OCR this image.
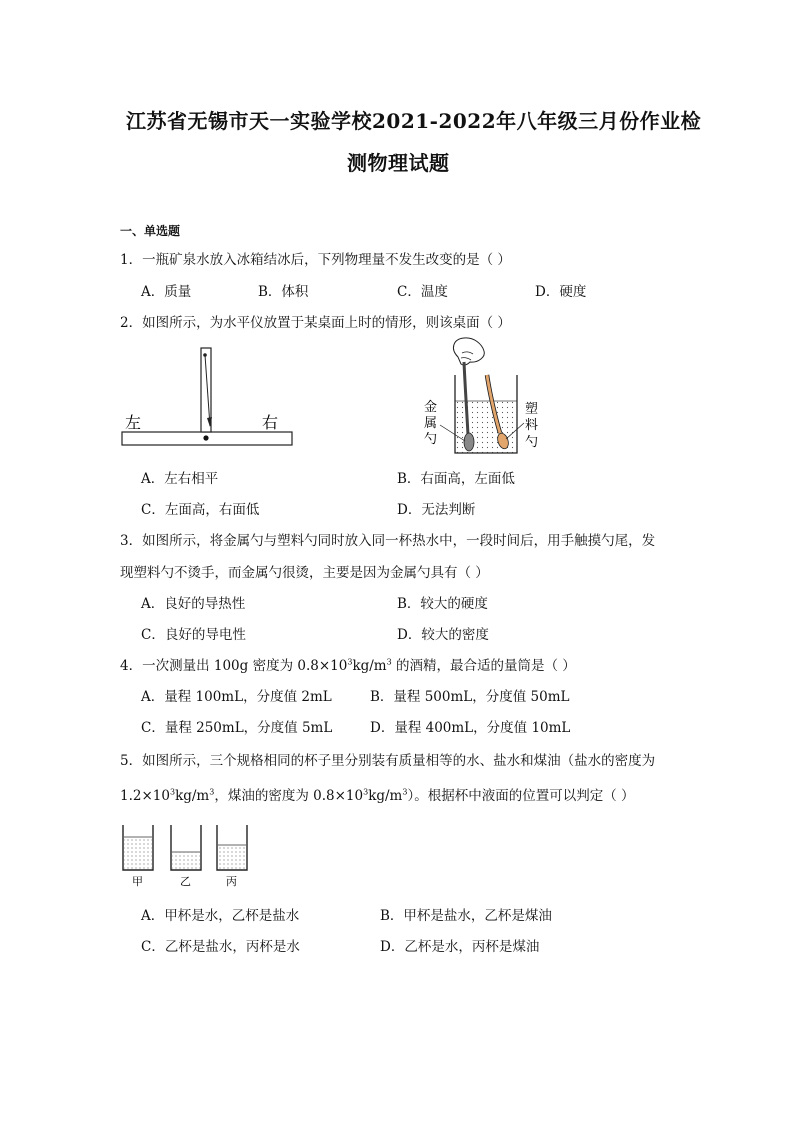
江苏省无锡市天一实验学校2021-2022年八年级三月份作业检
测物理试题
一、单选题
1．一瓶矿泉水放入冰箱结冰后，下列物理量不发生改变的是（ ）
A．质量	B．体积	C．温度	D．硬度
2．如图所示，为水平仪放置于某桌面上时的情形，则该桌面（ ）
左	右
金
属
勺
塑
料
勺
A．左右相平	B．右面高，左面低
C．左面高，右面低	D．无法判断
3．如图所示，将金属勺与塑料勺同时放入同一杯热水中，一段时间后，用手触摸勺尾，发
现塑料勺不烫手，而金属勺很烫，主要是因为金属勺具有（ ）
A．良好的导热性	B．较大的硬度
C．良好的导电性	D．较大的密度
4．一次测量出 100g 密度为 $0.8\times 10^3kg/m^3$ 的酒精，最合适的量筒是（ ）
A．量程 100mL，分度值 2mL	B．量程 500mL，分度值 50mL
C．量程 250mL，分度值 5mL	D．量程 400mL，分度值 10mL
5．如图所示，三个规格相同的杯子里分别装有质量相等的水、盐水和煤油（盐水的密度为
$1.2\times 10^3kg/m^3$，煤油的密度为 $0.8\times 10^3kg/m^3$）。根据杯中液面的位置可以判定（ ）
甲	乙	丙
A．甲杯是水，乙杯是盐水	B．甲杯是盐水，乙杯是煤油
C．乙杯是盐水，丙杯是水	D．乙杯是水，丙杯是煤油
